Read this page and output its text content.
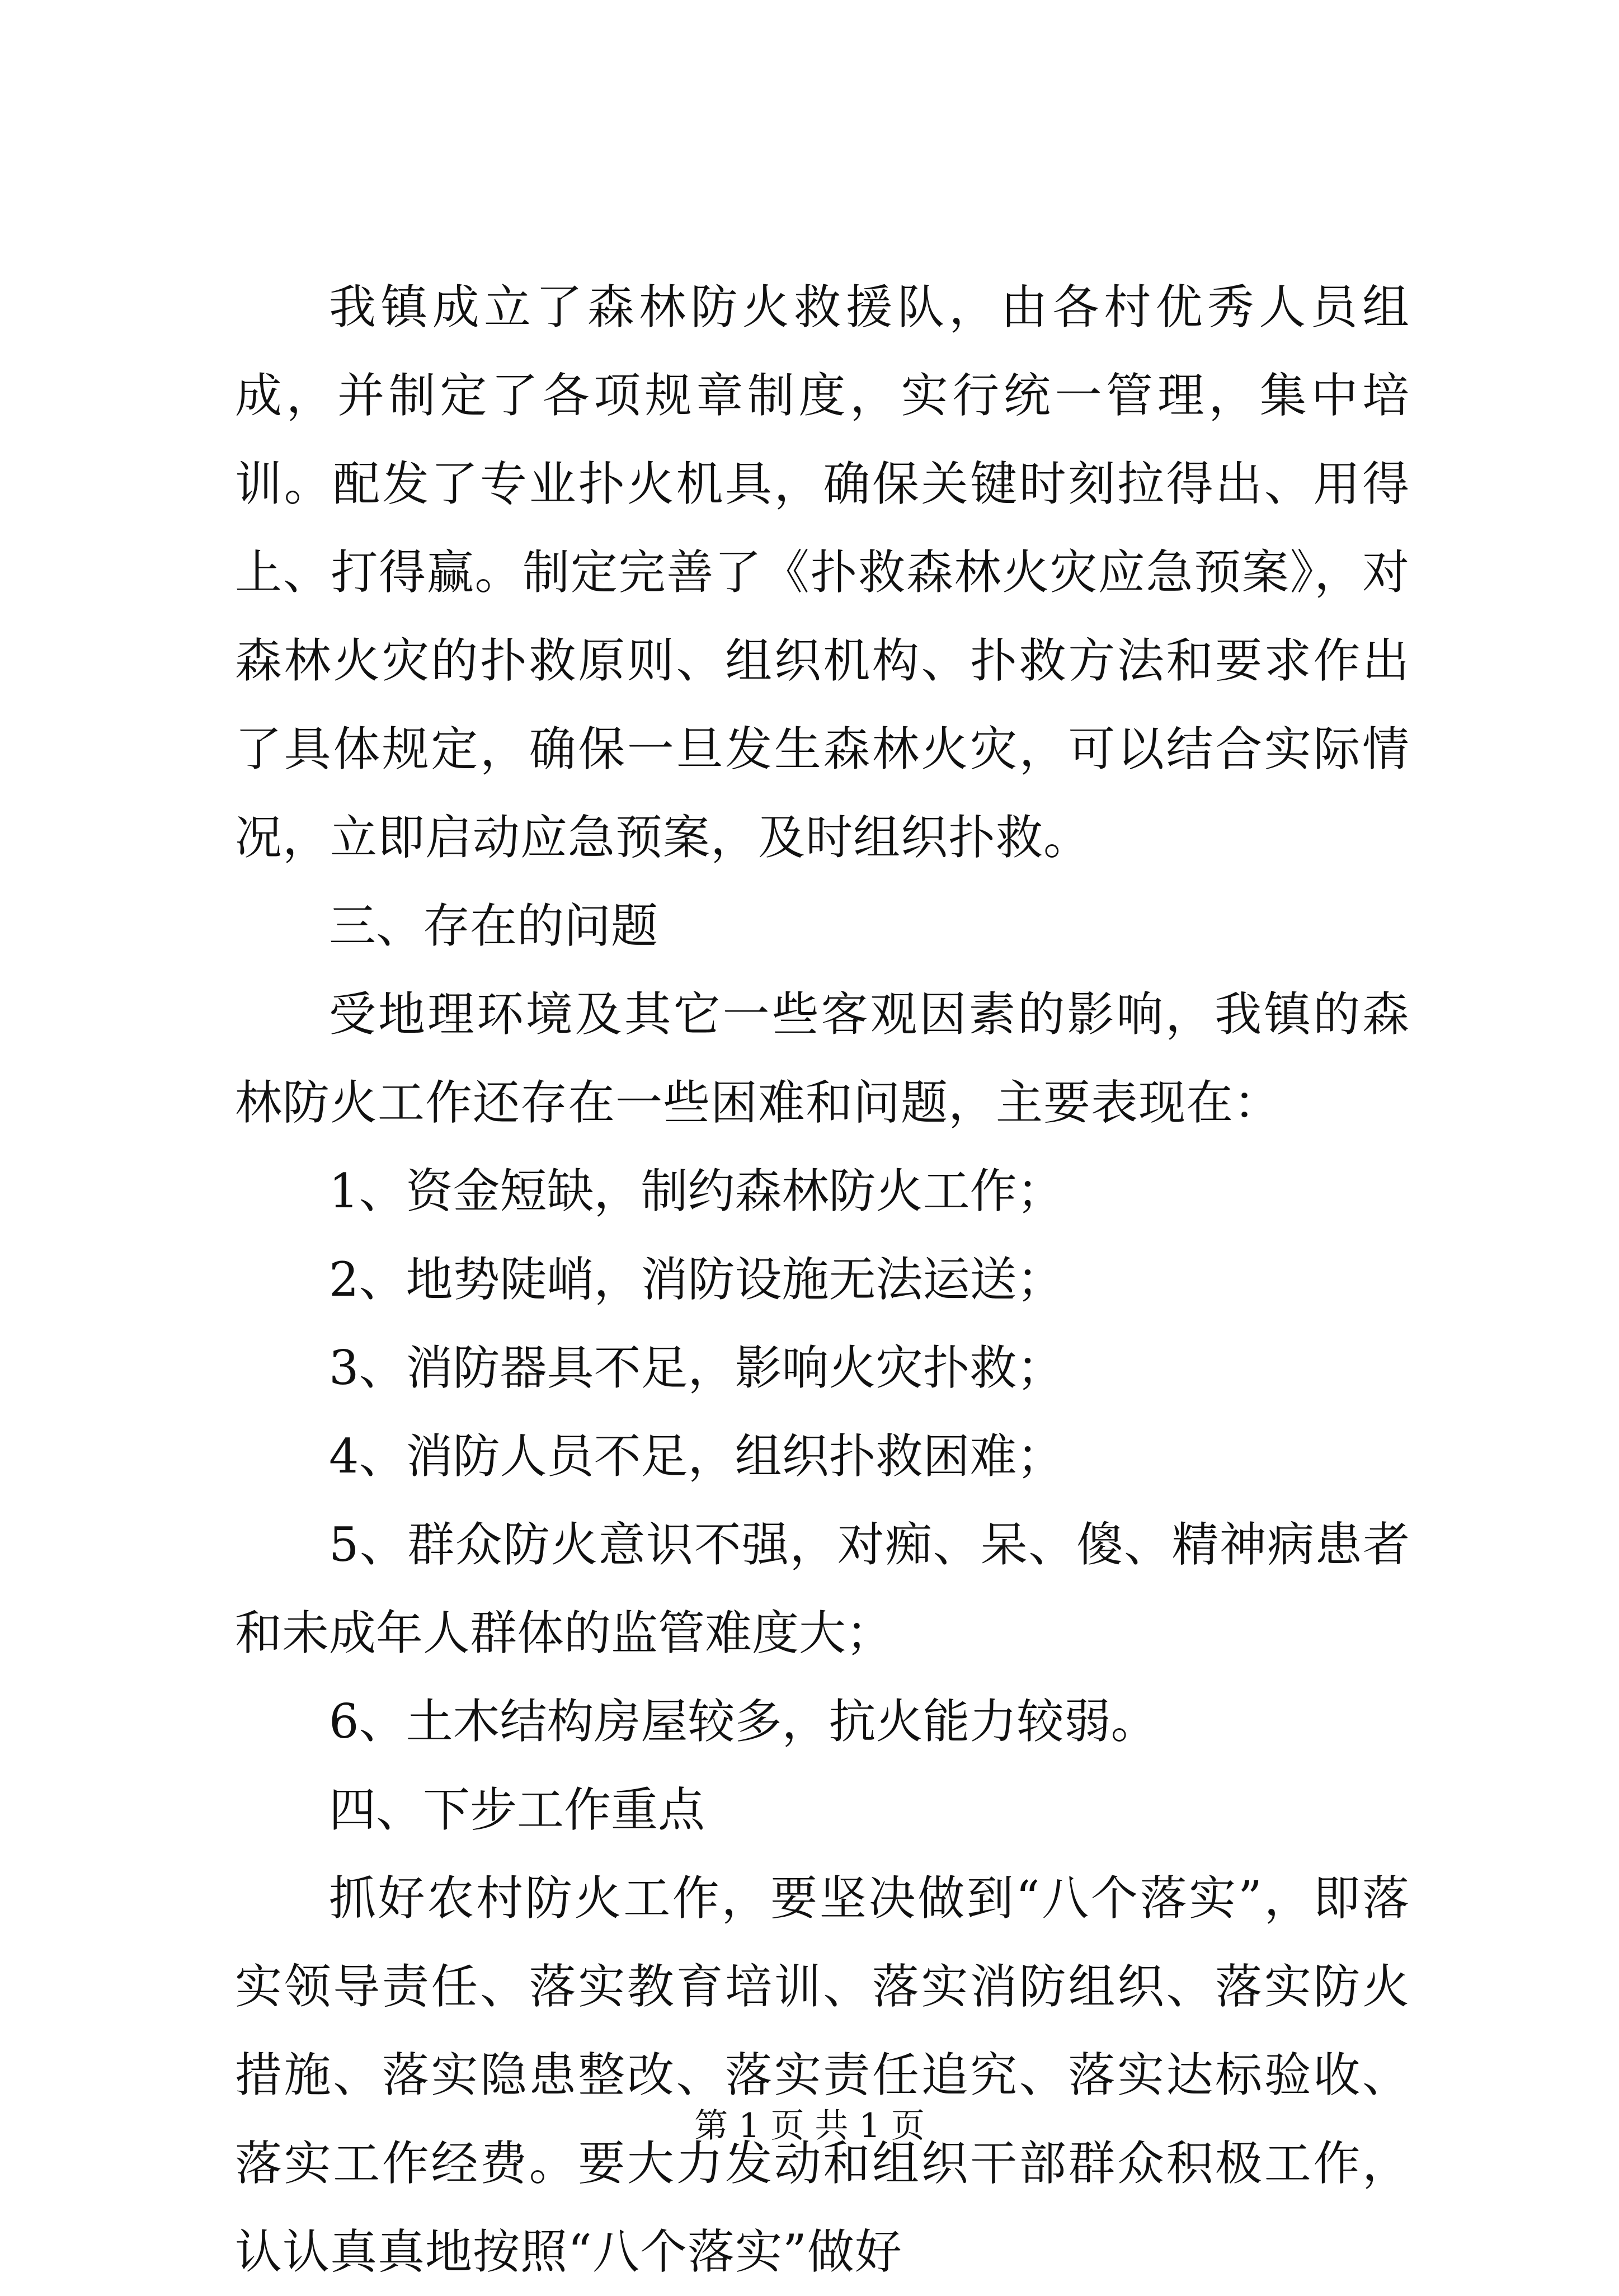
我镇成立了森林防火救援队，由各村优秀人员组成，并制定了各项规章制度，实行统一管理，集中培训。配发了专业扑火机具，确保关键时刻拉得出、用得上、打得赢。制定完善了《扑救森林火灾应急预案》，对森林火灾的扑救原则、组织机构、扑救方法和要求作出了具体规定，确保一旦发生森林火灾，可以结合实际情况，立即启动应急预案，及时组织扑救。

三、存在的问题

受地理环境及其它一些客观因素的影响，我镇的森林防火工作还存在一些困难和问题，主要表现在：

1、资金短缺，制约森林防火工作；

2、地势陡峭，消防设施无法运送；

3、消防器具不足，影响火灾扑救；

4、消防人员不足，组织扑救困难；

5、群众防火意识不强，对痴、呆、傻、精神病患者和未成年人群体的监管难度大；

6、土木结构房屋较多，抗火能力较弱。

四、下步工作重点

抓好农村防火工作，要坚决做到“八个落实”，即落实领导责任、落实教育培训、落实消防组织、落实防火措施、落实隐患整改、落实责任追究、落实达标验收、落实工作经费。要大力发动和组织干部群众积极工作，认认真真地按照“八个落实”做好

第 1 页 共 1 页
